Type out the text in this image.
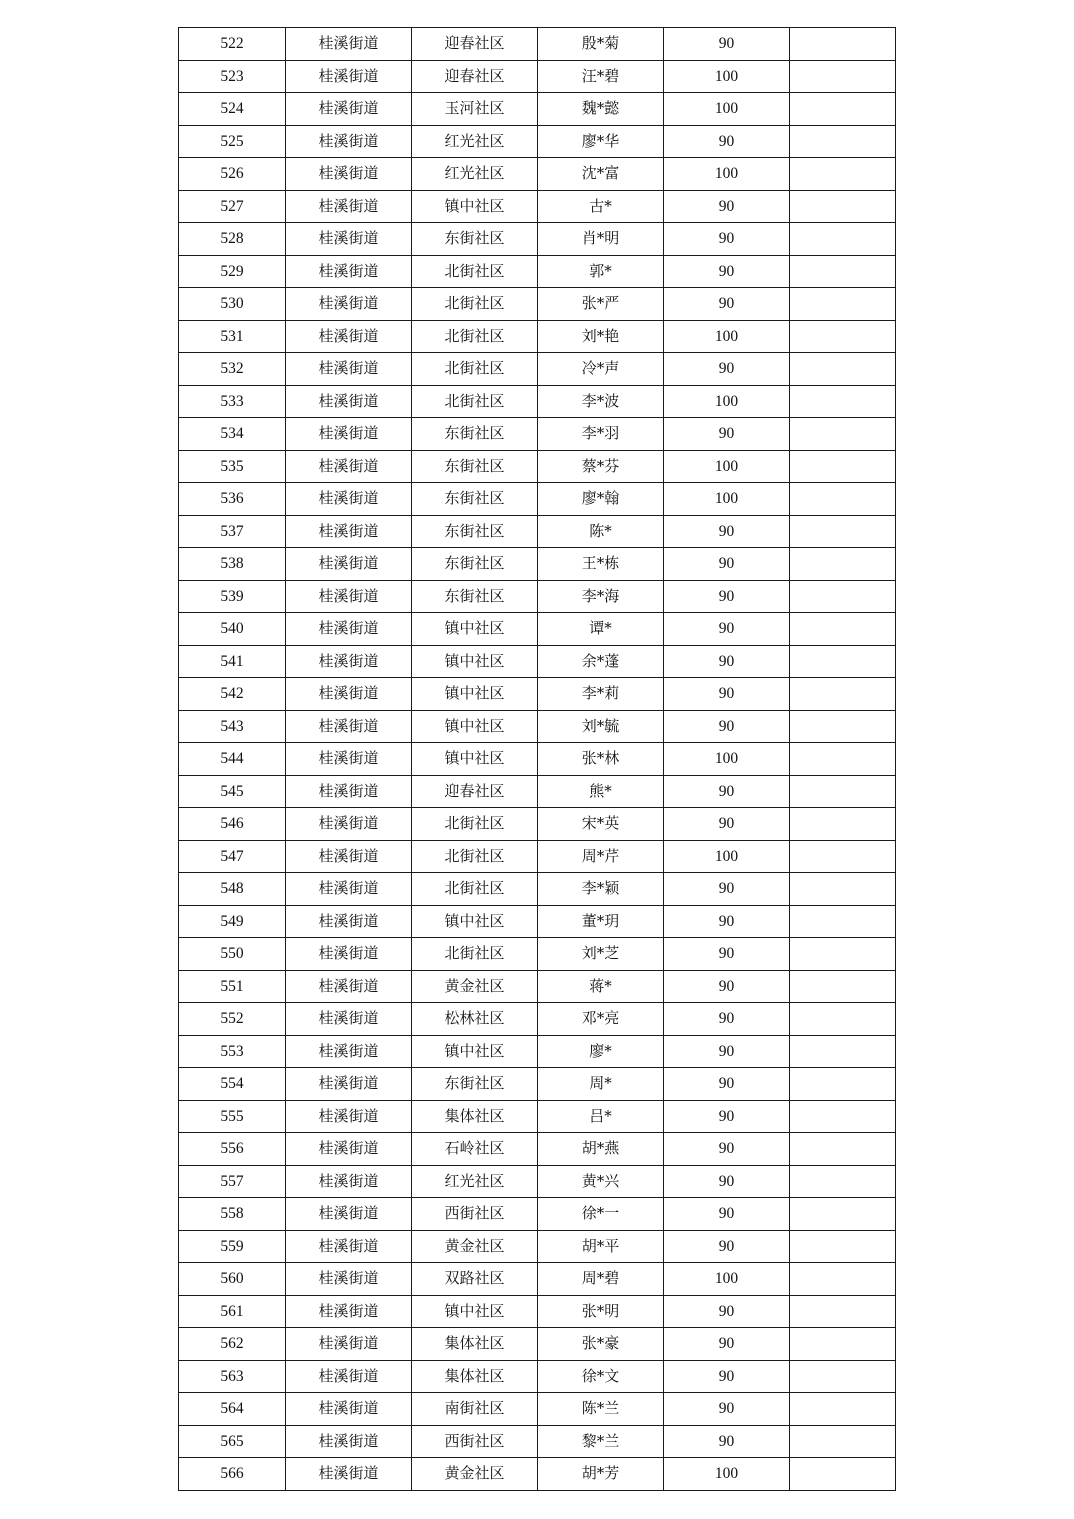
522	桂溪街道	迎春社区	殷*菊	90	
523	桂溪街道	迎春社区	汪*碧	100	
524	桂溪街道	玉河社区	魏*懿	100	
525	桂溪街道	红光社区	廖*华	90	
526	桂溪街道	红光社区	沈*富	100	
527	桂溪街道	镇中社区	古*	90	
528	桂溪街道	东街社区	肖*明	90	
529	桂溪街道	北街社区	郭*	90	
530	桂溪街道	北街社区	张*严	90	
531	桂溪街道	北街社区	刘*艳	100	
532	桂溪街道	北街社区	冷*声	90	
533	桂溪街道	北街社区	李*波	100	
534	桂溪街道	东街社区	李*羽	90	
535	桂溪街道	东街社区	蔡*芬	100	
536	桂溪街道	东街社区	廖*翰	100	
537	桂溪街道	东街社区	陈*	90	
538	桂溪街道	东街社区	王*栋	90	
539	桂溪街道	东街社区	李*海	90	
540	桂溪街道	镇中社区	谭*	90	
541	桂溪街道	镇中社区	余*蓬	90	
542	桂溪街道	镇中社区	李*莉	90	
543	桂溪街道	镇中社区	刘*毓	90	
544	桂溪街道	镇中社区	张*林	100	
545	桂溪街道	迎春社区	熊*	90	
546	桂溪街道	北街社区	宋*英	90	
547	桂溪街道	北街社区	周*芹	100	
548	桂溪街道	北街社区	李*颖	90	
549	桂溪街道	镇中社区	董*玥	90	
550	桂溪街道	北街社区	刘*芝	90	
551	桂溪街道	黄金社区	蒋*	90	
552	桂溪街道	松林社区	邓*亮	90	
553	桂溪街道	镇中社区	廖*	90	
554	桂溪街道	东街社区	周*	90	
555	桂溪街道	集体社区	吕*	90	
556	桂溪街道	石岭社区	胡*燕	90	
557	桂溪街道	红光社区	黄*兴	90	
558	桂溪街道	西街社区	徐*一	90	
559	桂溪街道	黄金社区	胡*平	90	
560	桂溪街道	双路社区	周*碧	100	
561	桂溪街道	镇中社区	张*明	90	
562	桂溪街道	集体社区	张*豪	90	
563	桂溪街道	集体社区	徐*文	90	
564	桂溪街道	南街社区	陈*兰	90	
565	桂溪街道	西街社区	黎*兰	90	
566	桂溪街道	黄金社区	胡*芳	100	
